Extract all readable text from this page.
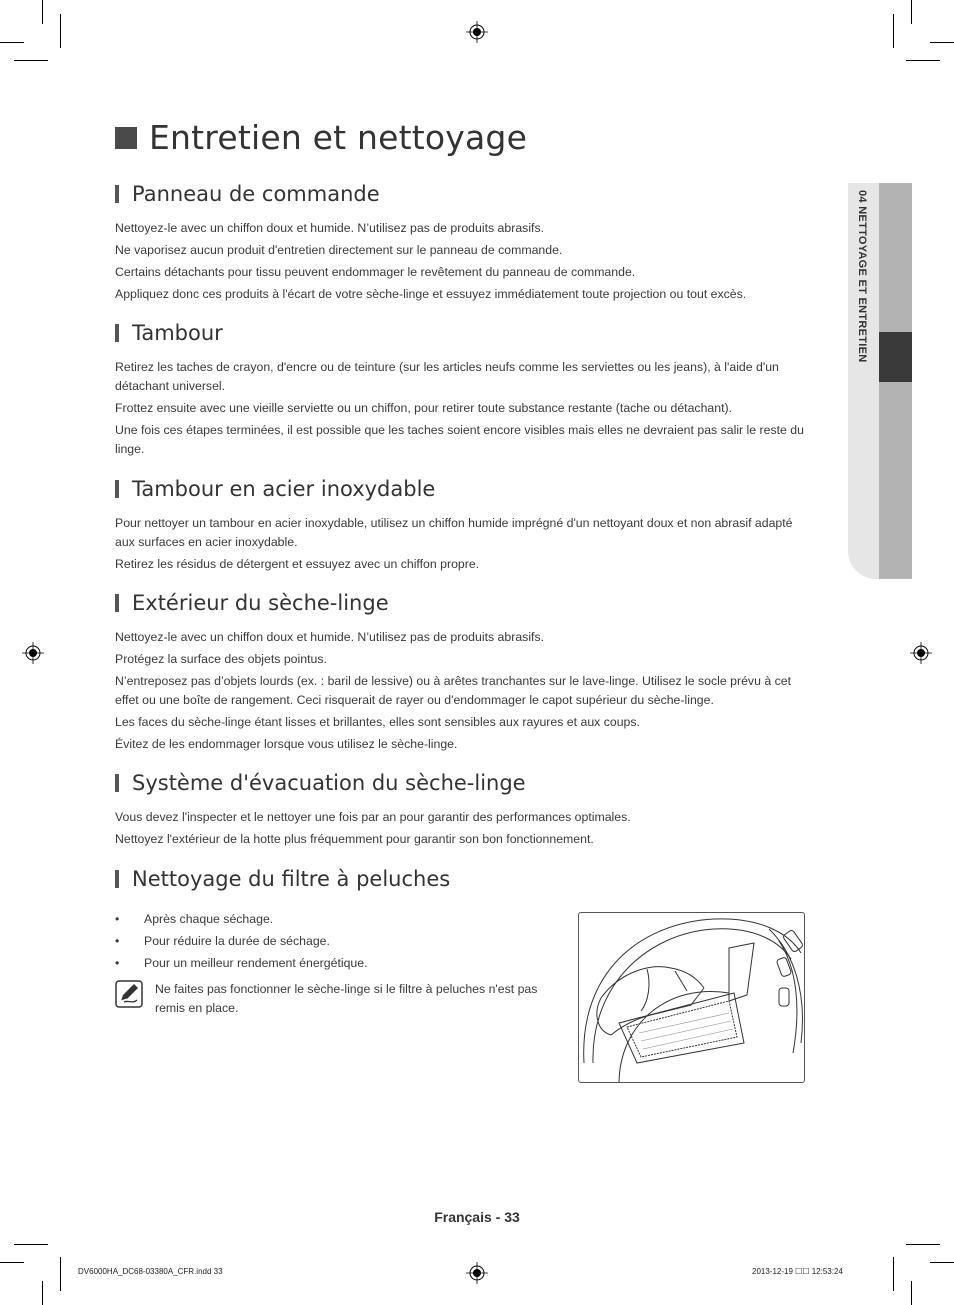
04 NETTOYAGE ET ENTRETIEN
Entretien et nettoyage
Panneau de commande

Nettoyez-le avec un chiffon doux et humide. N’utilisez pas de produits abrasifs.

Ne vaporisez aucun produit d'entretien directement sur le panneau de commande.

Certains détachants pour tissu peuvent endommager le revêtement du panneau de commande.

Appliquez donc ces produits à l'écart de votre sèche-linge et essuyez immédiatement toute projection ou tout excès.

Tambour

Retirez les taches de crayon, d'encre ou de teinture (sur les articles neufs comme les serviettes ou les jeans), à l'aide d'un détachant universel.

Frottez ensuite avec une vieille serviette ou un chiffon, pour retirer toute substance restante (tache ou détachant).

Une fois ces étapes terminées, il est possible que les taches soient encore visibles mais elles ne devraient pas salir le reste du linge.

Tambour en acier inoxydable

Pour nettoyer un tambour en acier inoxydable, utilisez un chiffon humide imprégné d'un nettoyant doux et non abrasif adapté aux surfaces en acier inoxydable.

Retirez les résidus de détergent et essuyez avec un chiffon propre.

Extérieur du sèche-linge

Nettoyez-le avec un chiffon doux et humide. N’utilisez pas de produits abrasifs.

Protégez la surface des objets pointus.

N’entreposez pas d’objets lourds (ex. : baril de lessive) ou à arêtes tranchantes sur le lave-linge. Utilisez le socle prévu à cet effet ou une boîte de rangement. Ceci risquerait de rayer ou d'endommager le capot supérieur du sèche-linge.

Les faces du sèche-linge étant lisses et brillantes, elles sont sensibles aux rayures et aux coups.

Évitez de les endommager lorsque vous utilisez le sèche-linge.

Système d'évacuation du sèche-linge

Vous devez l'inspecter et le nettoyer une fois par an pour garantir des performances optimales.

Nettoyez l'extérieur de la hotte plus fréquemment pour garantir son bon fonctionnement.

Nettoyage du filtre à peluches
• Après chaque séchage.
• Pour réduire la durée de séchage.
• Pour un meilleur rendement énergétique.
Ne faites pas fonctionner le sèche-linge si le filtre à peluches n'est pas remis en place.
Français - 33
DV6000HA_DC68-03380A_CFR.indd 33	2013-12-19 ☐☐ 12:53:24
